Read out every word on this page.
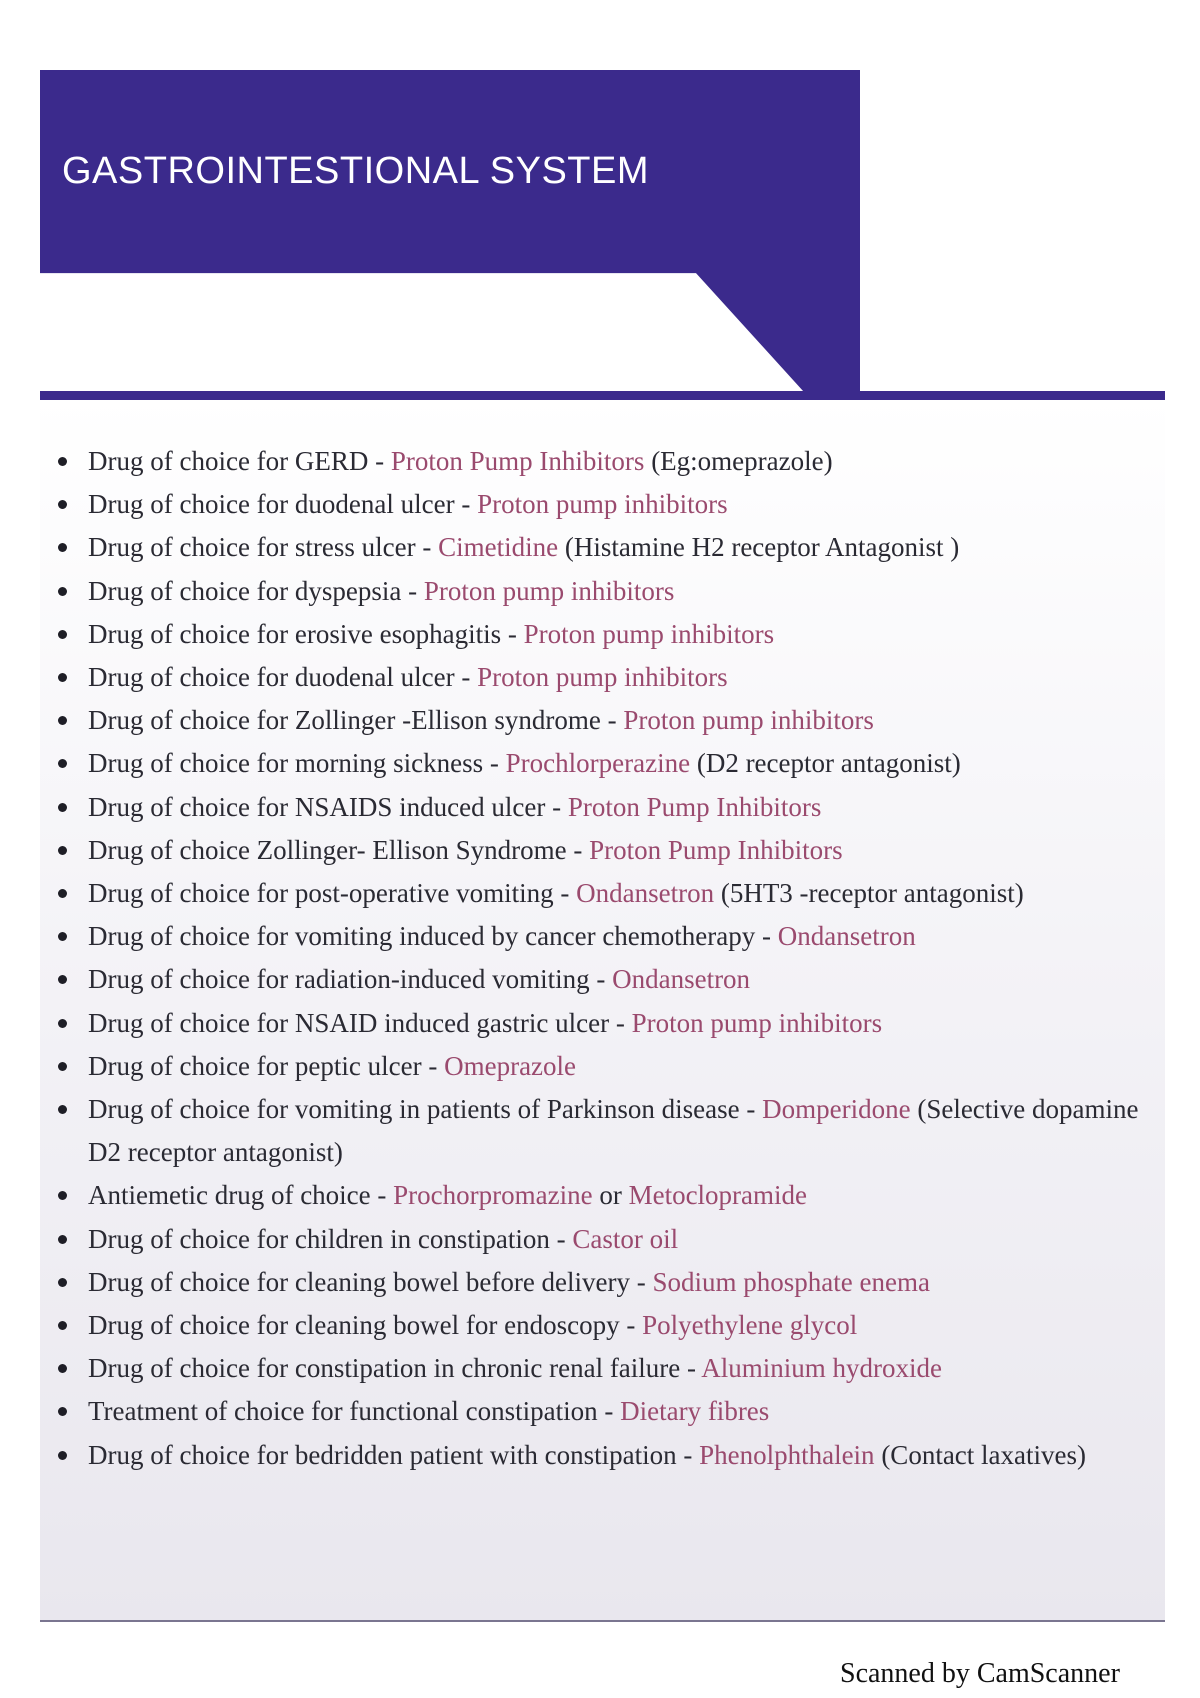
GASTROINTESTIONAL SYSTEM
Drug of choice for GERD - Proton Pump Inhibitors (Eg:omeprazole)
Drug of choice for duodenal ulcer - Proton pump inhibitors
Drug of choice for stress ulcer - Cimetidine (Histamine H2 receptor Antagonist )
Drug of choice for dyspepsia - Proton pump inhibitors
Drug of choice for erosive esophagitis - Proton pump inhibitors
Drug of choice for duodenal ulcer - Proton pump inhibitors
Drug of choice for Zollinger -Ellison syndrome - Proton pump inhibitors
Drug of choice for morning sickness - Prochlorperazine (D2 receptor antagonist)
Drug of choice for NSAIDS induced ulcer - Proton Pump Inhibitors
Drug of choice Zollinger- Ellison Syndrome - Proton Pump Inhibitors
Drug of choice for post-operative vomiting - Ondansetron (5HT3 -receptor antagonist)
Drug of choice for vomiting induced by cancer chemotherapy - Ondansetron
Drug of choice for radiation-induced vomiting - Ondansetron
Drug of choice for NSAID induced gastric ulcer - Proton pump inhibitors
Drug of choice for peptic ulcer - Omeprazole
Drug of choice for vomiting in patients of Parkinson disease - Domperidone (Selective dopamine D2 receptor antagonist)
Antiemetic drug of choice - Prochorpromazine or Metoclopramide
Drug of choice for children in constipation - Castor oil
Drug of choice for cleaning bowel before delivery - Sodium phosphate enema
Drug of choice for cleaning bowel for endoscopy - Polyethylene glycol
Drug of choice for constipation in chronic renal failure - Aluminium hydroxide
Treatment of choice for functional constipation - Dietary fibres
Drug of choice for bedridden patient with constipation - Phenolphthalein (Contact laxatives)
Scanned by CamScanner
